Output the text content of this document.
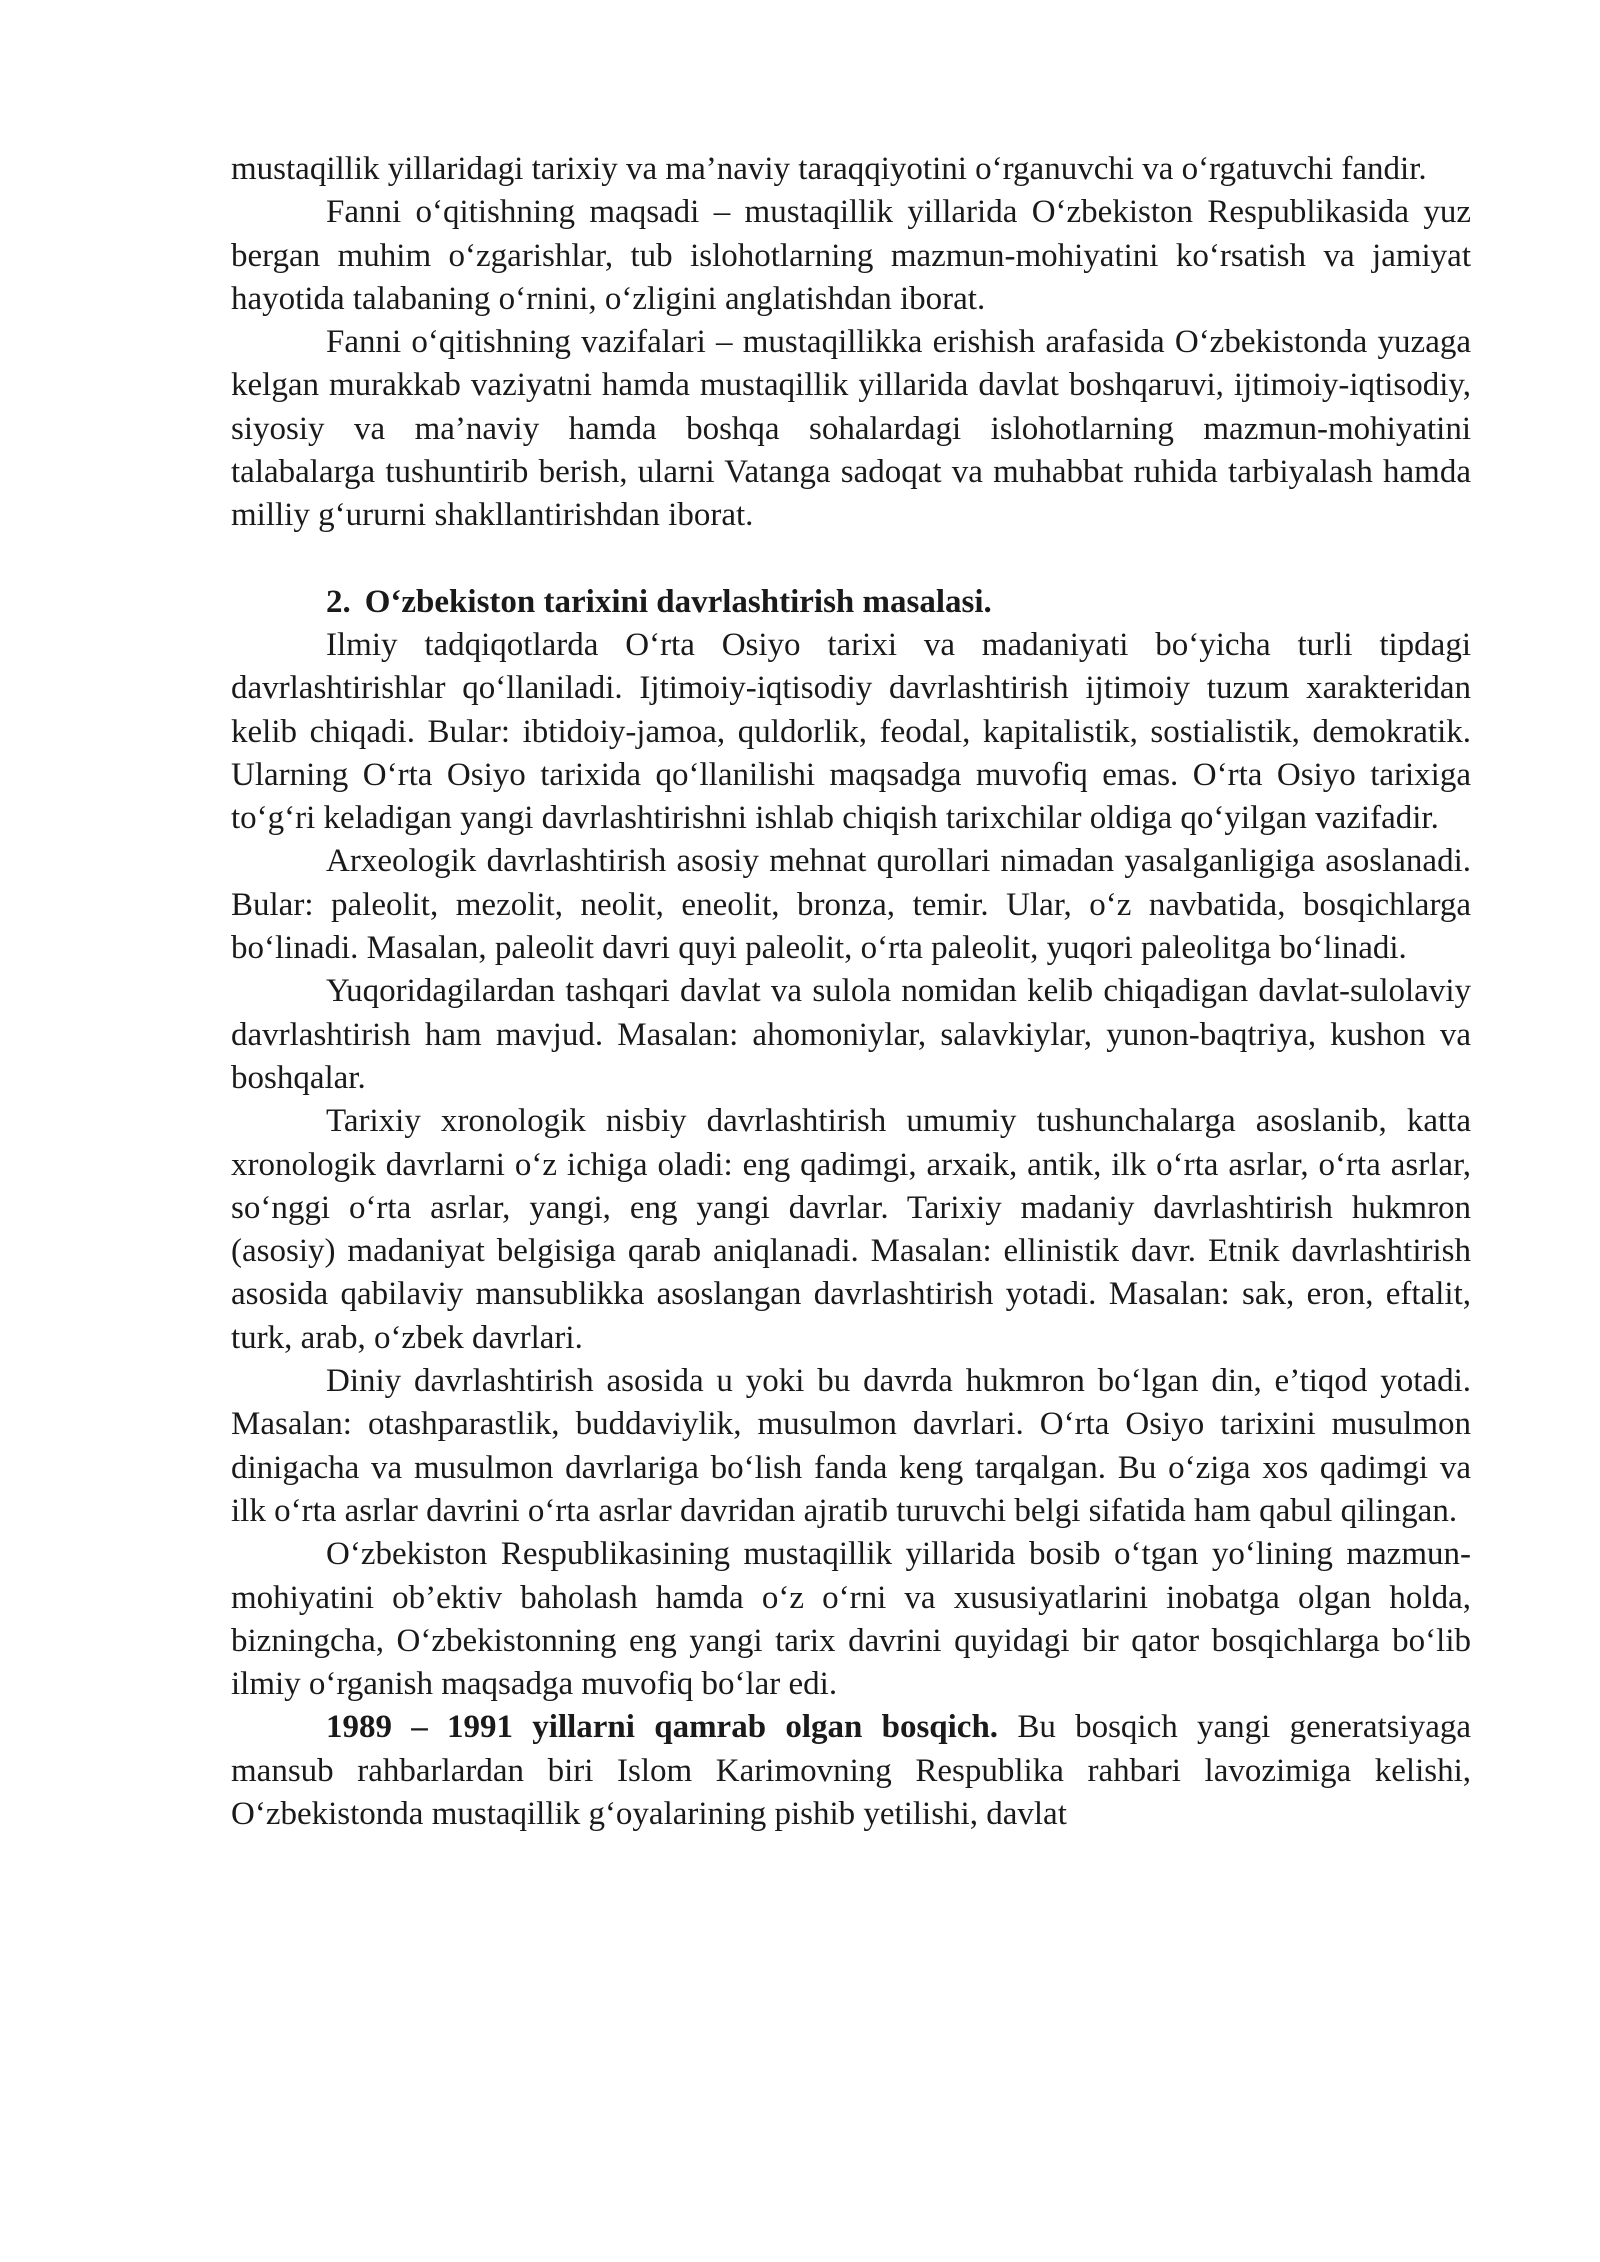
mustaqillik yillaridagi tarixiy va ma’naviy taraqqiyotini o‘rganuvchi va o‘rgatuvchi fandir.

Fanni o‘qitishning maqsadi – mustaqillik yillarida O‘zbekiston Respublikasida yuz bergan muhim o‘zgarishlar, tub islohotlarning mazmun-mohiyatini ko‘rsatish va jamiyat hayotida talabaning o‘rnini, o‘zligini anglatishdan iborat.

Fanni o‘qitishning vazifalari – mustaqillikka erishish arafasida O‘zbekistonda yuzaga kelgan murakkab vaziyatni hamda mustaqillik yillarida davlat boshqaruvi, ijtimoiy-iqtisodiy, siyosiy va ma’naviy hamda boshqa sohalardagi islohotlarning mazmun-mohiyatini talabalarga tushuntirib berish, ularni Vatanga sadoqat va muhabbat ruhida tarbiyalash hamda milliy g‘ururni shakllantirishdan iborat.

2. O‘zbekiston tarixini davrlashtirish masalasi.

Ilmiy tadqiqotlarda O‘rta Osiyo tarixi va madaniyati bo‘yicha turli tipdagi davrlashtirishlar qo‘llaniladi. Ijtimoiy-iqtisodiy davrlashtirish ijtimoiy tuzum xarakteridan kelib chiqadi. Bular: ibtidoiy-jamoa, quldorlik, feodal, kapitalistik, sostialistik, demokratik. Ularning O‘rta Osiyo tarixida qo‘llanilishi maqsadga muvofiq emas. O‘rta Osiyo tarixiga to‘g‘ri keladigan yangi davrlashtirishni ishlab chiqish tarixchilar oldiga qo‘yilgan vazifadir.

Arxeologik davrlashtirish asosiy mehnat qurollari nimadan yasalganligiga asoslanadi. Bular: paleolit, mezolit, neolit, eneolit, bronza, temir. Ular, o‘z navbatida, bosqichlarga bo‘linadi. Masalan, paleolit davri quyi paleolit, o‘rta paleolit, yuqori paleolitga bo‘linadi.

Yuqoridagilardan tashqari davlat va sulola nomidan kelib chiqadigan davlat-sulolaviy davrlashtirish ham mavjud. Masalan: ahomoniylar, salavkiylar, yunon-baqtriya, kushon va boshqalar.

Tarixiy xronologik nisbiy davrlashtirish umumiy tushunchalarga asoslanib, katta xronologik davrlarni o‘z ichiga oladi: eng qadimgi, arxaik, antik, ilk o‘rta asrlar, o‘rta asrlar, so‘nggi o‘rta asrlar, yangi, eng yangi davrlar. Tarixiy madaniy davrlashtirish hukmron (asosiy) madaniyat belgisiga qarab aniqlanadi. Masalan: ellinistik davr. Etnik davrlashtirish asosida qabilaviy mansublikka asoslangan davrlashtirish yotadi. Masalan: sak, eron, eftalit, turk, arab, o‘zbek davrlari.

Diniy davrlashtirish asosida u yoki bu davrda hukmron bo‘lgan din, e’tiqod yotadi. Masalan: otashparastlik, buddaviylik, musulmon davrlari. O‘rta Osiyo tarixini musulmon dinigacha va musulmon davrlariga bo‘lish fanda keng tarqalgan. Bu o‘ziga xos qadimgi va ilk o‘rta asrlar davrini o‘rta asrlar davridan ajratib turuvchi belgi sifatida ham qabul qilingan.

O‘zbekiston Respublikasining mustaqillik yillarida bosib o‘tgan yo‘lining mazmun-mohiyatini ob’ektiv baholash hamda o‘z o‘rni va xususiyatlarini inobatga olgan holda, bizningcha, O‘zbekistonning eng yangi tarix davrini quyidagi bir qator bosqichlarga bo‘lib ilmiy o‘rganish maqsadga muvofiq bo‘lar edi.

1989 – 1991 yillarni qamrab olgan bosqich. Bu bosqich yangi generatsiyaga mansub rahbarlardan biri Islom Karimovning Respublika rahbari lavozimiga kelishi, O‘zbekistonda mustaqillik g‘oyalarining pishib yetilishi, davlat
